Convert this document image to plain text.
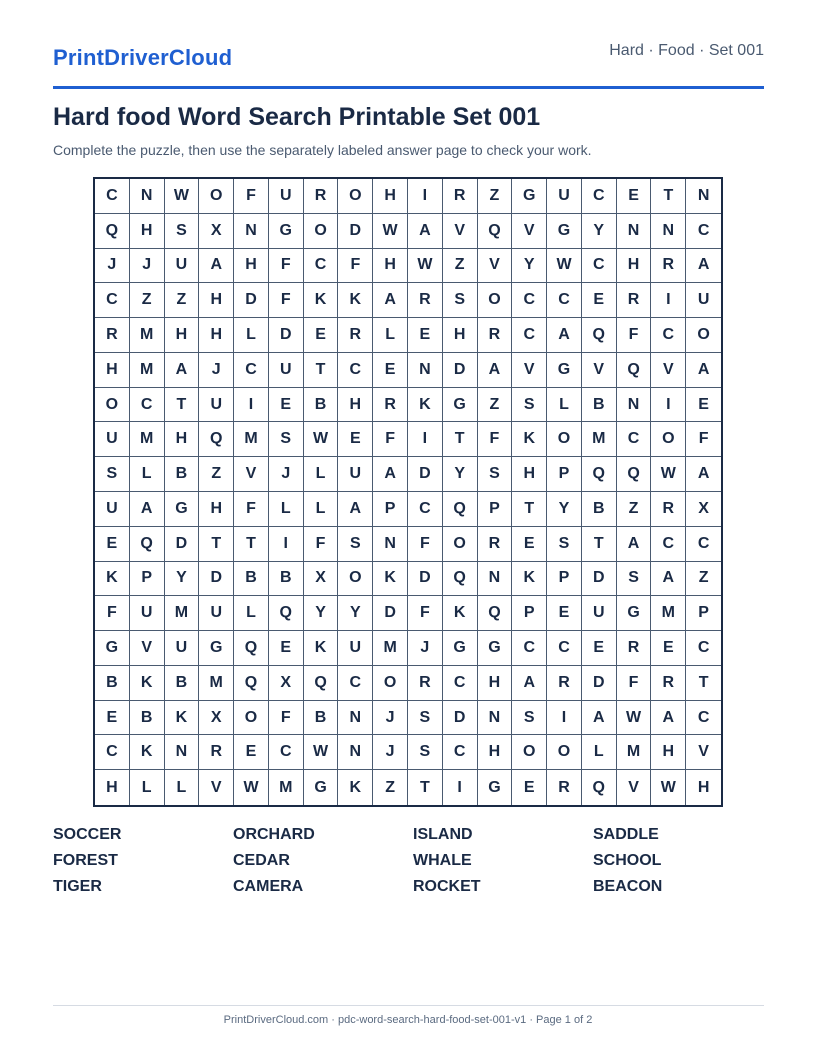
PrintDriverCloud	Hard · Food · Set 001
Hard food Word Search Printable Set 001
Complete the puzzle, then use the separately labeled answer page to check your work.
C	N	W	O	F	U	R	O	H	I	R	Z	G	U	C	E	T	N
Q	H	S	X	N	G	O	D	W	A	V	Q	V	G	Y	N	N	C
J	J	U	A	H	F	C	F	H	W	Z	V	Y	W	C	H	R	A
C	Z	Z	H	D	F	K	K	A	R	S	O	C	C	E	R	I	U
R	M	H	H	L	D	E	R	L	E	H	R	C	A	Q	F	C	O
H	M	A	J	C	U	T	C	E	N	D	A	V	G	V	Q	V	A
O	C	T	U	I	E	B	H	R	K	G	Z	S	L	B	N	I	E
U	M	H	Q	M	S	W	E	F	I	T	F	K	O	M	C	O	F
S	L	B	Z	V	J	L	U	A	D	Y	S	H	P	Q	Q	W	A
U	A	G	H	F	L	L	A	P	C	Q	P	T	Y	B	Z	R	X
E	Q	D	T	T	I	F	S	N	F	O	R	E	S	T	A	C	C
K	P	Y	D	B	B	X	O	K	D	Q	N	K	P	D	S	A	Z
F	U	M	U	L	Q	Y	Y	D	F	K	Q	P	E	U	G	M	P
G	V	U	G	Q	E	K	U	M	J	G	G	C	C	E	R	E	C
B	K	B	M	Q	X	Q	C	O	R	C	H	A	R	D	F	R	T
E	B	K	X	O	F	B	N	J	S	D	N	S	I	A	W	A	C
C	K	N	R	E	C	W	N	J	S	C	H	O	O	L	M	H	V
H	L	L	V	W	M	G	K	Z	T	I	G	E	R	Q	V	W	H
SOCCER	ORCHARD	ISLAND	SADDLE
FOREST	CEDAR	WHALE	SCHOOL
TIGER	CAMERA	ROCKET	BEACON
PrintDriverCloud.com · pdc-word-search-hard-food-set-001-v1 · Page 1 of 2
